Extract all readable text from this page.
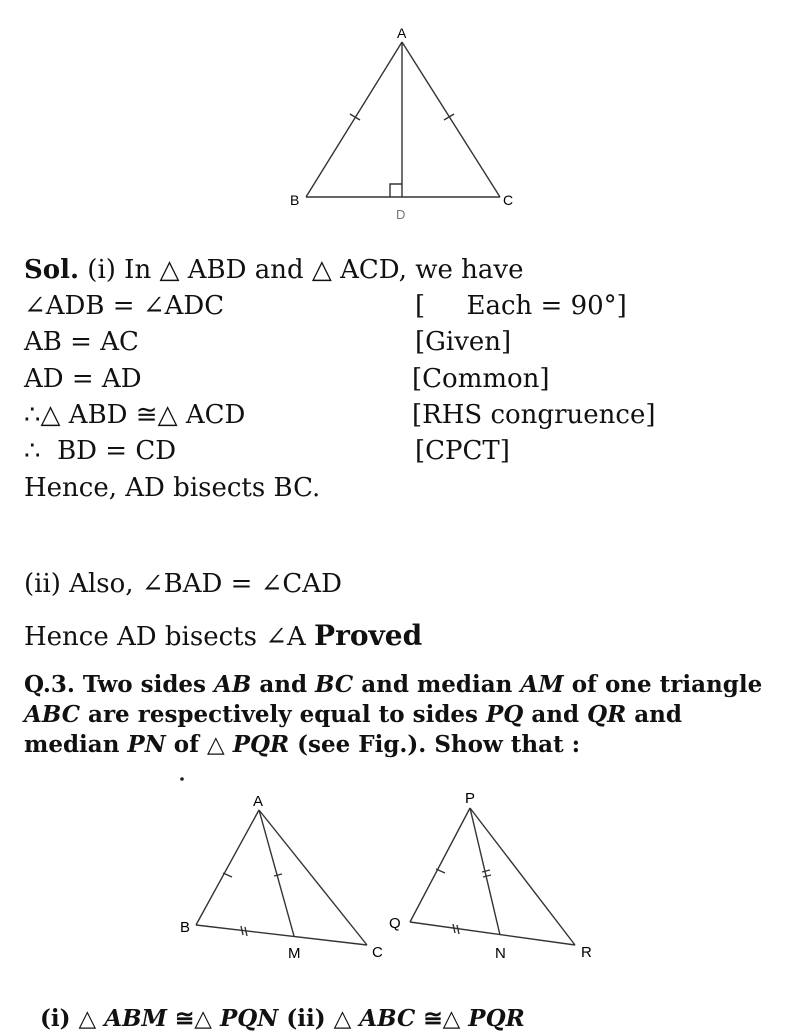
A
B	C
D
Sol. (i) In △ ABD and △ ACD, we have
∠ADB = ∠ADC	[     Each = 90°]
AB = AC	[Given]
AD = AD	[Common]
∴△ ABD ≅△ ACD	[RHS congruence]
∴  BD = CD	[CPCT]
Hence, AD bisects BC.
(ii) Also, ∠BAD = ∠CAD
Hence AD bisects ∠A Proved
Q.3. Two sides AB and BC and median AM of one triangle
ABC are respectively equal to sides PQ and QR and
median PN of △ PQR (see Fig.). Show that :
A
B
C
M
P
Q
R
N

(i) △ ABM ≅△ PQN (ii) △ ABC ≅△ PQR
